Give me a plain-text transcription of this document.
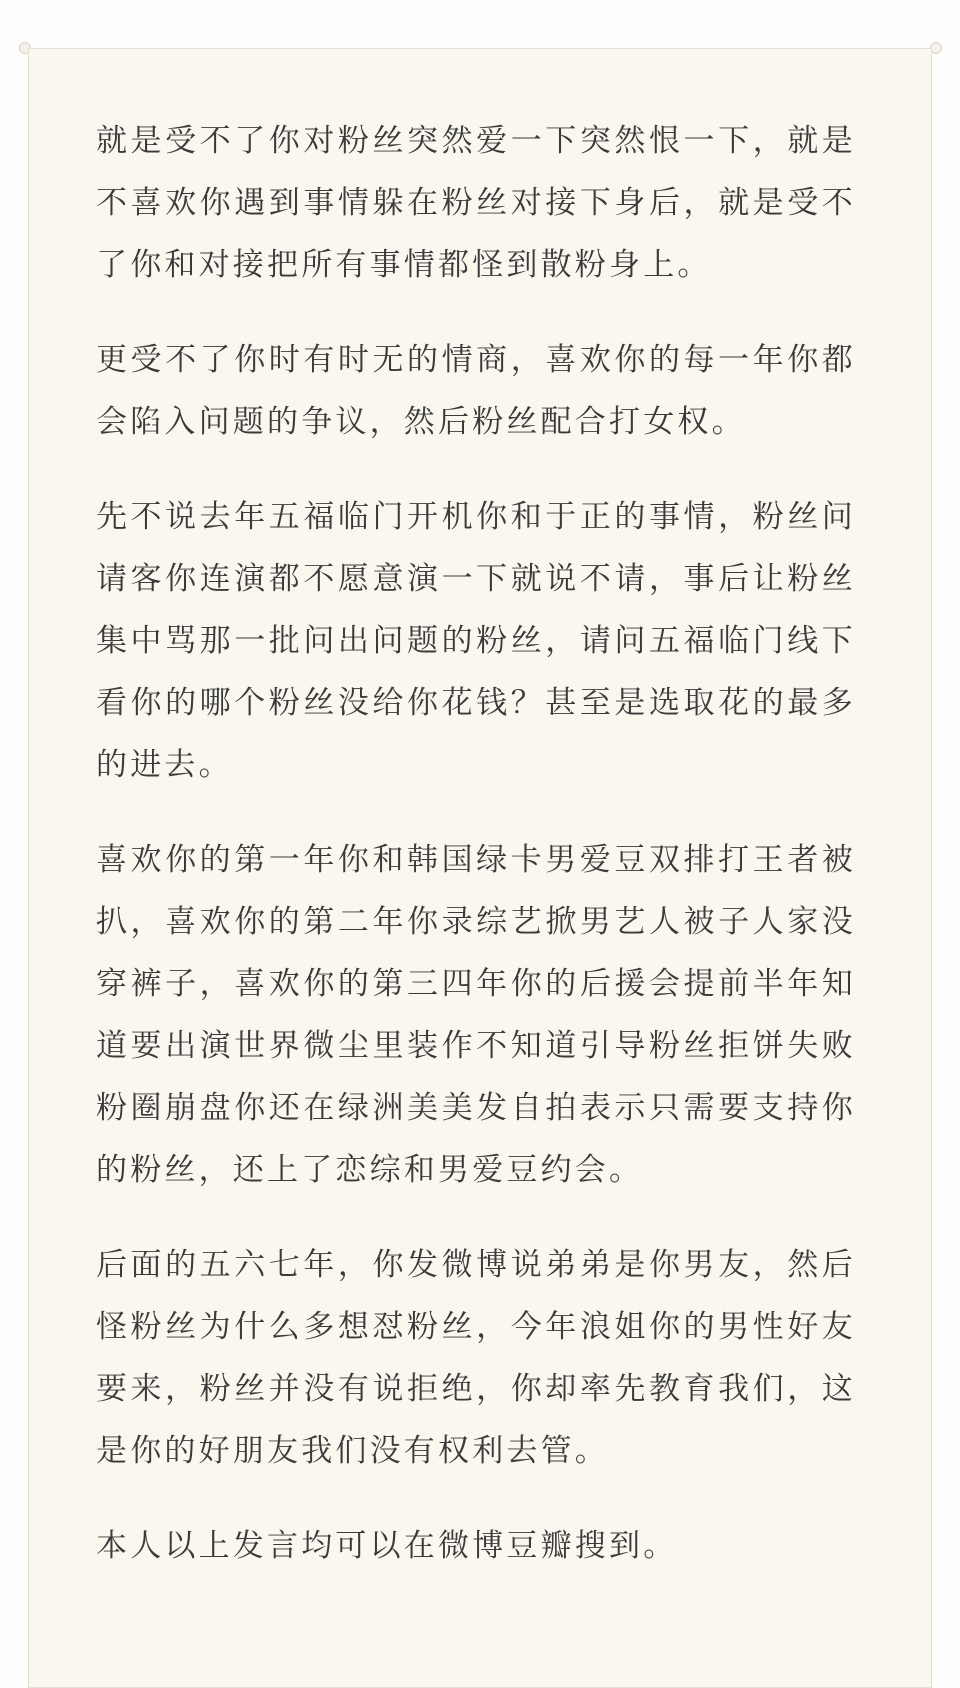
就是受不了你对粉丝突然爱一下突然恨一下，就是不喜欢你遇到事情躲在粉丝对接下身后，就是受不了你和对接把所有事情都怪到散粉身上。

更受不了你时有时无的情商，喜欢你的每一年你都会陷入问题的争议，然后粉丝配合打女权。

先不说去年五福临门开机你和于正的事情，粉丝问请客你连演都不愿意演一下就说不请，事后让粉丝集中骂那一批问出问题的粉丝，请问五福临门线下看你的哪个粉丝没给你花钱？甚至是选取花的最多的进去。

喜欢你的第一年你和韩国绿卡男爱豆双排打王者被扒，喜欢你的第二年你录综艺掀男艺人被子人家没穿裤子，喜欢你的第三四年你的后援会提前半年知道要出演世界微尘里装作不知道引导粉丝拒饼失败粉圈崩盘你还在绿洲美美发自拍表示只需要支持你的粉丝，还上了恋综和男爱豆约会。

后面的五六七年，你发微博说弟弟是你男友，然后怪粉丝为什么多想怼粉丝，今年浪姐你的男性好友要来，粉丝并没有说拒绝，你却率先教育我们，这是你的好朋友我们没有权利去管。

本人以上发言均可以在微博豆瓣搜到。
